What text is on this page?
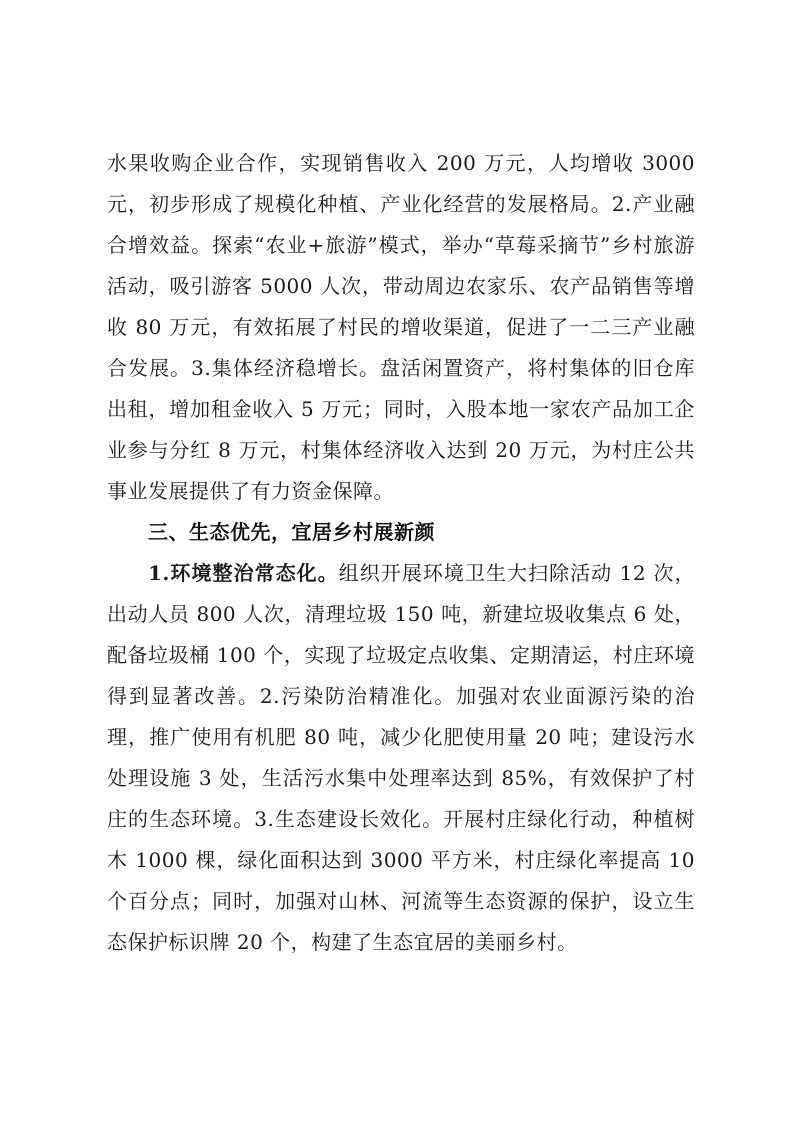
水果收购企业合作，实现销售收入 200 万元，人均增收 3000 元，初步形成了规模化种植、产业化经营的发展格局。2.产业融合增效益。探索“农业+旅游”模式，举办“草莓采摘节”乡村旅游活动，吸引游客 5000 人次，带动周边农家乐、农产品销售等增收 80 万元，有效拓展了村民的增收渠道，促进了一二三产业融合发展。3.集体经济稳增长。盘活闲置资产，将村集体的旧仓库出租，增加租金收入 5 万元；同时，入股本地一家农产品加工企业参与分红 8 万元，村集体经济收入达到 20 万元，为村庄公共事业发展提供了有力资金保障。

三、生态优先，宜居乡村展新颜

1.环境整治常态化。组织开展环境卫生大扫除活动 12 次，出动人员 800 人次，清理垃圾 150 吨，新建垃圾收集点 6 处，配备垃圾桶 100 个，实现了垃圾定点收集、定期清运，村庄环境得到显著改善。2.污染防治精准化。加强对农业面源污染的治理，推广使用有机肥 80 吨，减少化肥使用量 20 吨；建设污水处理设施 3 处，生活污水集中处理率达到 85%，有效保护了村庄的生态环境。3.生态建设长效化。开展村庄绿化行动，种植树木 1000 棵，绿化面积达到 3000 平方米，村庄绿化率提高 10 个百分点；同时，加强对山林、河流等生态资源的保护，设立生态保护标识牌 20 个，构建了生态宜居的美丽乡村。
